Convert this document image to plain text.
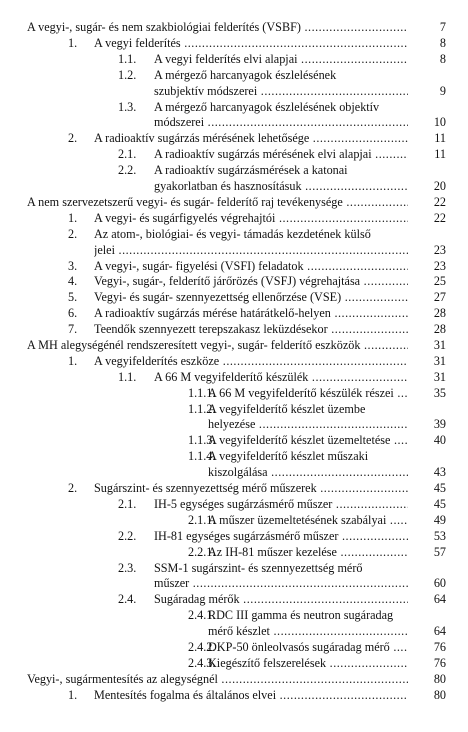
A vegyi-, sugár- és nem szakbiológiai felderítés (VSBF) .....	7
1. A vegyi felderítés .....	8
1.1. A vegyi felderítés elvi alapjai .....	8
1.2. A mérgező harcanyagok észlelésének
szubjektív módszerei .....	9
1.3. A mérgező harcanyagok észlelésének objektív
módszerei .....	10
2. A radioaktív sugárzás mérésének lehetősége .....	11
2.1. A radioaktív sugárzás mérésének elvi alapjai .....	11
2.2. A radioaktív sugárzásmérések a katonai
gyakorlatban és hasznosításuk .....	20
A nem szervezetszerű vegyi- és sugár- felderítő raj tevékenysége .....	22
1. A vegyi- és sugárfigyelés végrehajtói .....	22
2. Az atom-, biológiai- és vegyi- támadás kezdetének külső
jelei .....	23
3. A vegyi-, sugár- figyelési (VSFI) feladatok .....	23
4. Vegyi-, sugár-, felderítő járőrözés (VSFJ) végrehajtása .....	25
5. Vegyi- és sugár- szennyezettség ellenőrzése (VSE) .....	27
6. A radioaktív sugárzás mérése határátkelő-helyen .....	28
7. Teendők szennyezett terepszakasz leküzdésekor .....	28
A MH alegységénél rendszeresített vegyi-, sugár- felderítő eszközök .....	31
1. A vegyifelderítés eszköze .....	31
1.1. A 66 M vegyifelderítő készülék .....	31
1.1.1.
A 66 M vegyifelderítő készülék részei .....	35
1.1.2.
A vegyifelderítő készlet üzembe
helyezése .....	39
1.1.3.
A vegyifelderítő készlet üzemeltetése .....	40
1.1.4.
A vegyifelderítő készlet műszaki
kiszolgálása .....	43
2. Sugárszint- és szennyezettség mérő műszerek .....	45
2.1. IH-5 egységes sugárzásmérő műszer .....	45
2.1.1.
A műszer üzemeltetésének szabályai .....	49
2.2. IH-81 egységes sugárzásmérő műszer .....	53
2.2.1.
Az IH-81 műszer kezelése .....	57
2.3. SSM-1 sugárszint- és szennyezettség mérő
műszer .....	60
2.4. Sugáradag mérők .....	64
2.4.1.
RDC III gamma és neutron sugáradag
mérő készlet .....	64
2.4.2.
DKP-50 önleolvasós sugáradag mérő .....	76
2.4.3.
Kiegészítő felszerelések .....	76
Vegyi-, sugármentesítés az alegységnél .....	80
1. Mentesítés fogalma és általános elvei .....	80
